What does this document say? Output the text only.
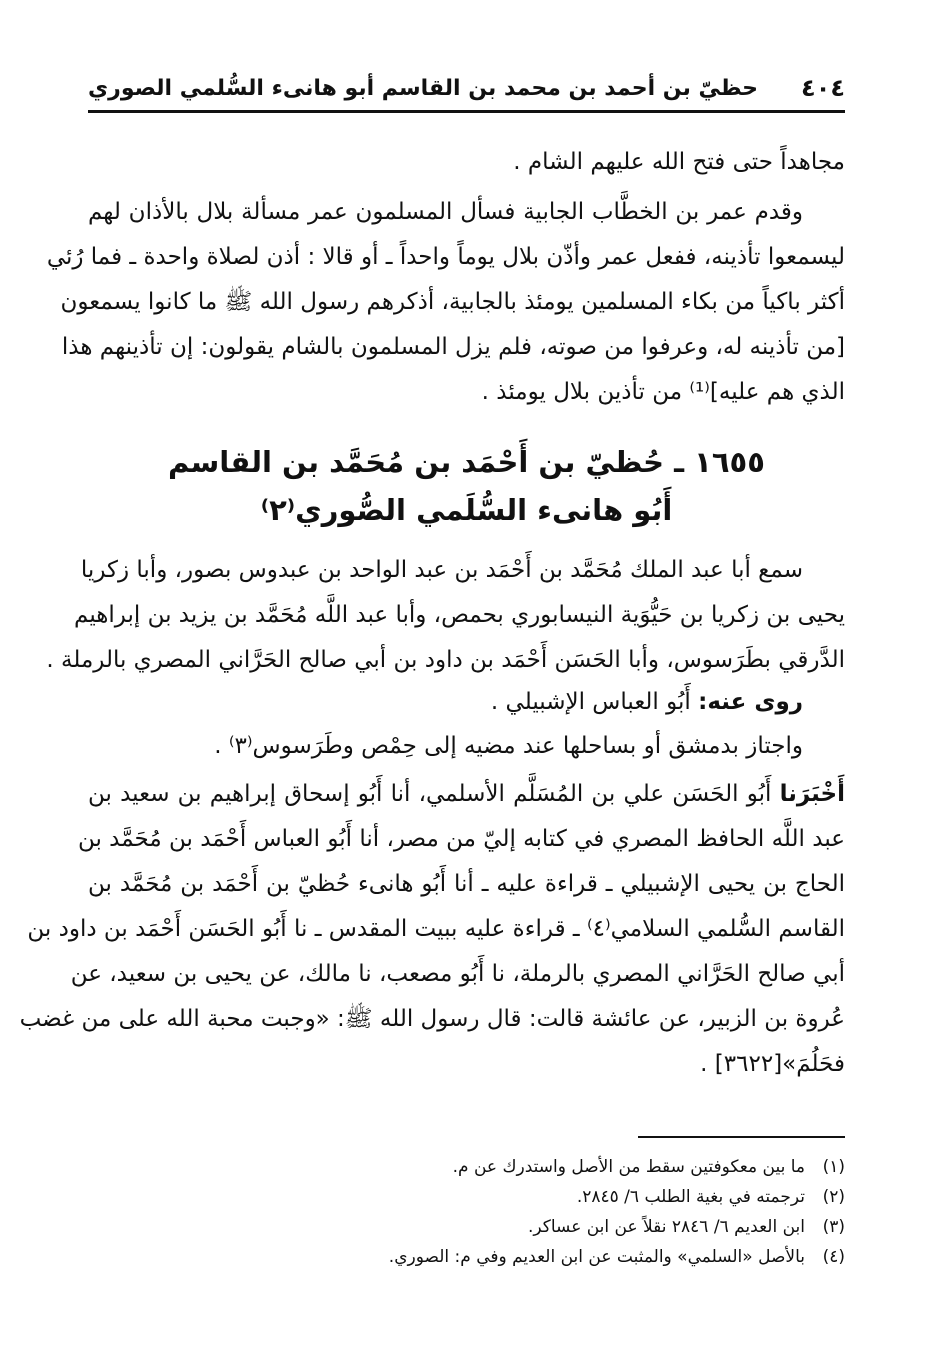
٤٠٤
حظيّ بن أحمد بن محمد بن القاسم أبو هانىء السُّلمي الصوري
مجاهداً حتى فتح الله عليهم الشام .
وقدم عمر بن الخطَّاب الجابية فسأل المسلمون عمر مسألة بلال بالأذان لهم
ليسمعوا تأذينه، ففعل عمر وأذّن بلال يوماً واحداً ـ أو قالا : أذن لصلاة واحدة ـ فما رُئي
أكثر باكياً من بكاء المسلمين يومئذ بالجابية، أذكرهم رسول الله ﷺ ما كانوا يسمعون
[من تأذينه له، وعرفوا من صوته، فلم يزل المسلمون بالشام يقولون: إن تأذينهم هذا
الذي هم عليه]⁽¹⁾ من تأذين بلال يومئذ .
١٦٥٥ ـ حُظيّ بن أَحْمَد بن مُحَمَّد بن القاسم
أَبُو هانىء السُّلَمي الصُّوري⁽٢⁾
سمع أبا عبد الملك مُحَمَّد بن أَحْمَد بن عبد الواحد بن عبدوس بصور، وأبا زكريا
يحيى بن زكريا بن حَيُّوَية النيسابوري بحمص، وأبا عبد اللَّه مُحَمَّد بن يزيد بن إبراهيم
الدَّرقي بطَرَسوس، وأبا الحَسَن أَحْمَد بن داود بن أبي صالح الحَرَّاني المصري بالرملة .
روى عنه: أَبُو العباس الإشبيلي .
واجتاز بدمشق أو بساحلها عند مضيه إلى حِمْص وطَرَسوس⁽٣⁾ .
أَخْبَرَنا أَبُو الحَسَن علي بن المُسَلَّم الأسلمي، أنا أَبُو إسحاق إبراهيم بن سعيد بن
عبد اللَّه الحافظ المصري في كتابه إليّ من مصر، أنا أَبُو العباس أَحْمَد بن مُحَمَّد بن
الحاج بن يحيى الإشبيلي ـ قراءة عليه ـ أنا أَبُو هانىء حُظيّ بن أَحْمَد بن مُحَمَّد بن
القاسم السُّلمي السلامي⁽٤⁾ ـ قراءة عليه ببيت المقدس ـ نا أَبُو الحَسَن أَحْمَد بن داود بن
أبي صالح الحَرَّاني المصري بالرملة، نا أَبُو مصعب، نا مالك، عن يحيى بن سعيد، عن
عُروة بن الزبير، عن عائشة قالت: قال رسول الله ﷺ: «وجبت محبة الله على من غضب
فحَلُمَ»[٣٦٢٢] .
(١)
ما بين معكوفتين سقط من الأصل واستدرك عن م.
(٢)
ترجمته في بغية الطلب ٦/ ٢٨٤٥.
(٣)
ابن العديم ٦/ ٢٨٤٦ نقلاً عن ابن عساكر.
(٤)
بالأصل «السلمي» والمثبت عن ابن العديم وفي م: الصوري.
